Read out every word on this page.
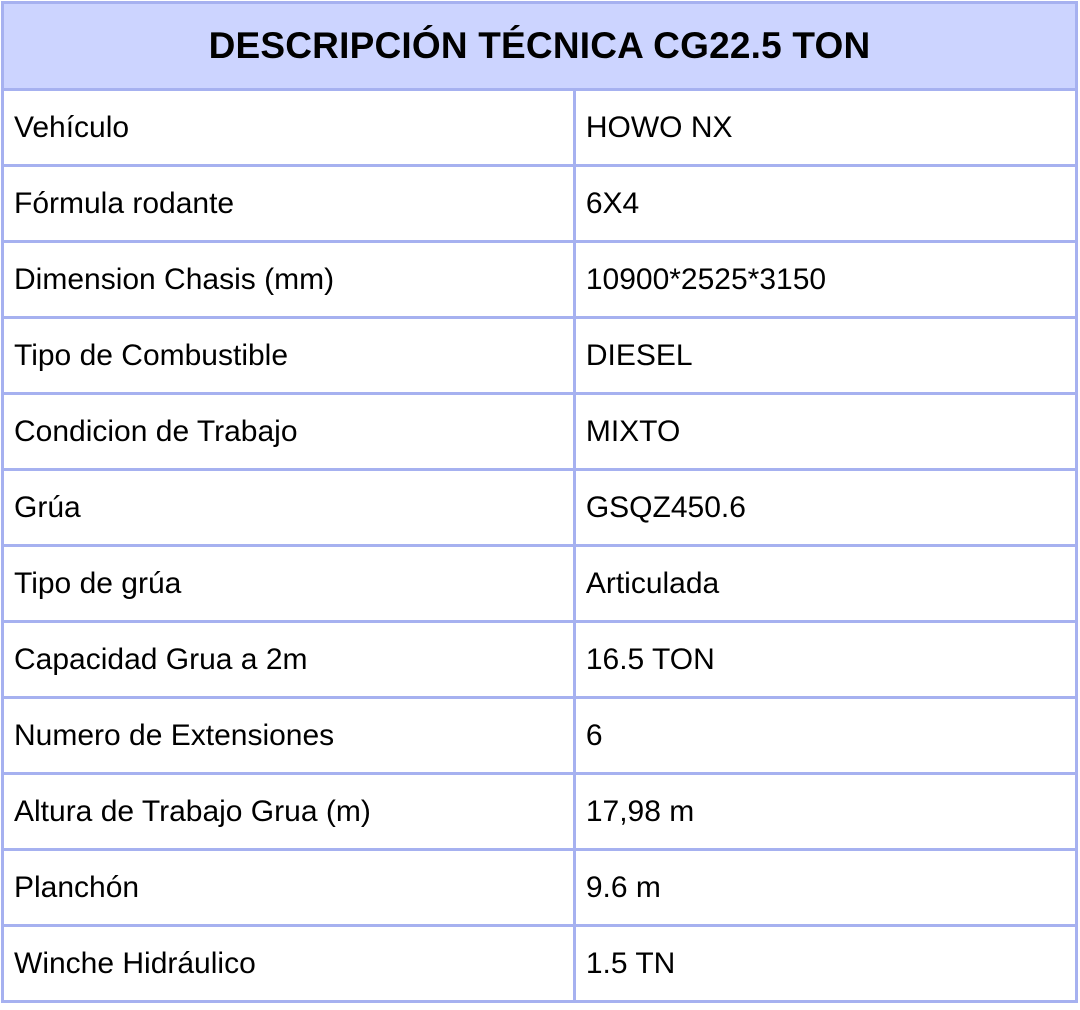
DESCRIPCIÓN TÉCNICA CG22.5 TON	
Vehículo	HOWO NX
Fórmula rodante	6X4
Dimension Chasis (mm)	10900*2525*3150
Tipo de Combustible	DIESEL
Condicion de Trabajo	MIXTO
Grúa	GSQZ450.6
Tipo de grúa	Articulada
Capacidad Grua a 2m	16.5 TON
Numero de Extensiones	6
Altura de Trabajo Grua (m)	17,98 m
Planchón	9.6 m
Winche Hidráulico	1.5 TN
